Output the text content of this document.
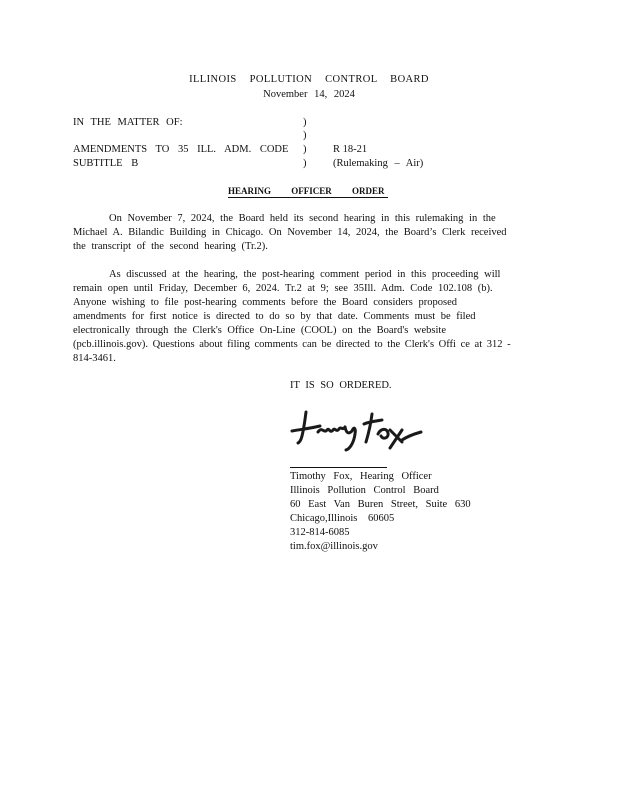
ILLINOIS POLLUTION CONTROL BOARD
November 14, 2024
IN THE MATTER OF:
AMENDMENTS TO 35 ILL. ADM. CODE
SUBTITLE B
)
)
)
)
R 18-21
(Rulemaking – Air)
HEARING OFFICER ORDER
On November 7, 2024, the Board held its second hearing in this rulemaking in the
Michael A. Bilandic Building in Chicago. On November 14, 2024, the Board’s Clerk received
the transcript of the second hearing (Tr.2).
As discussed at the hearing, the post-hearing comment period in this proceeding will
remain open until Friday, December 6, 2024. Tr.2 at 9; see 35Ill. Adm. Code 102.108 (b).
Anyone wishing to file post-hearing comments before the Board considers proposed
amendments for first notice is directed to do so by that date. Comments must be filed
electronically through the Clerk's Office On-Line (COOL) on the Board's website
(pcb.illinois.gov). Questions about filing comments can be directed to the Clerk's Offi ce at 312 -
814-3461.
IT IS SO ORDERED.
Timothy Fox, Hearing Officer
Illinois Pollution Control Board
60 East Van Buren Street, Suite 630
Chicago,Illinois 60605
312-814-6085
tim.fox@illinois.gov
